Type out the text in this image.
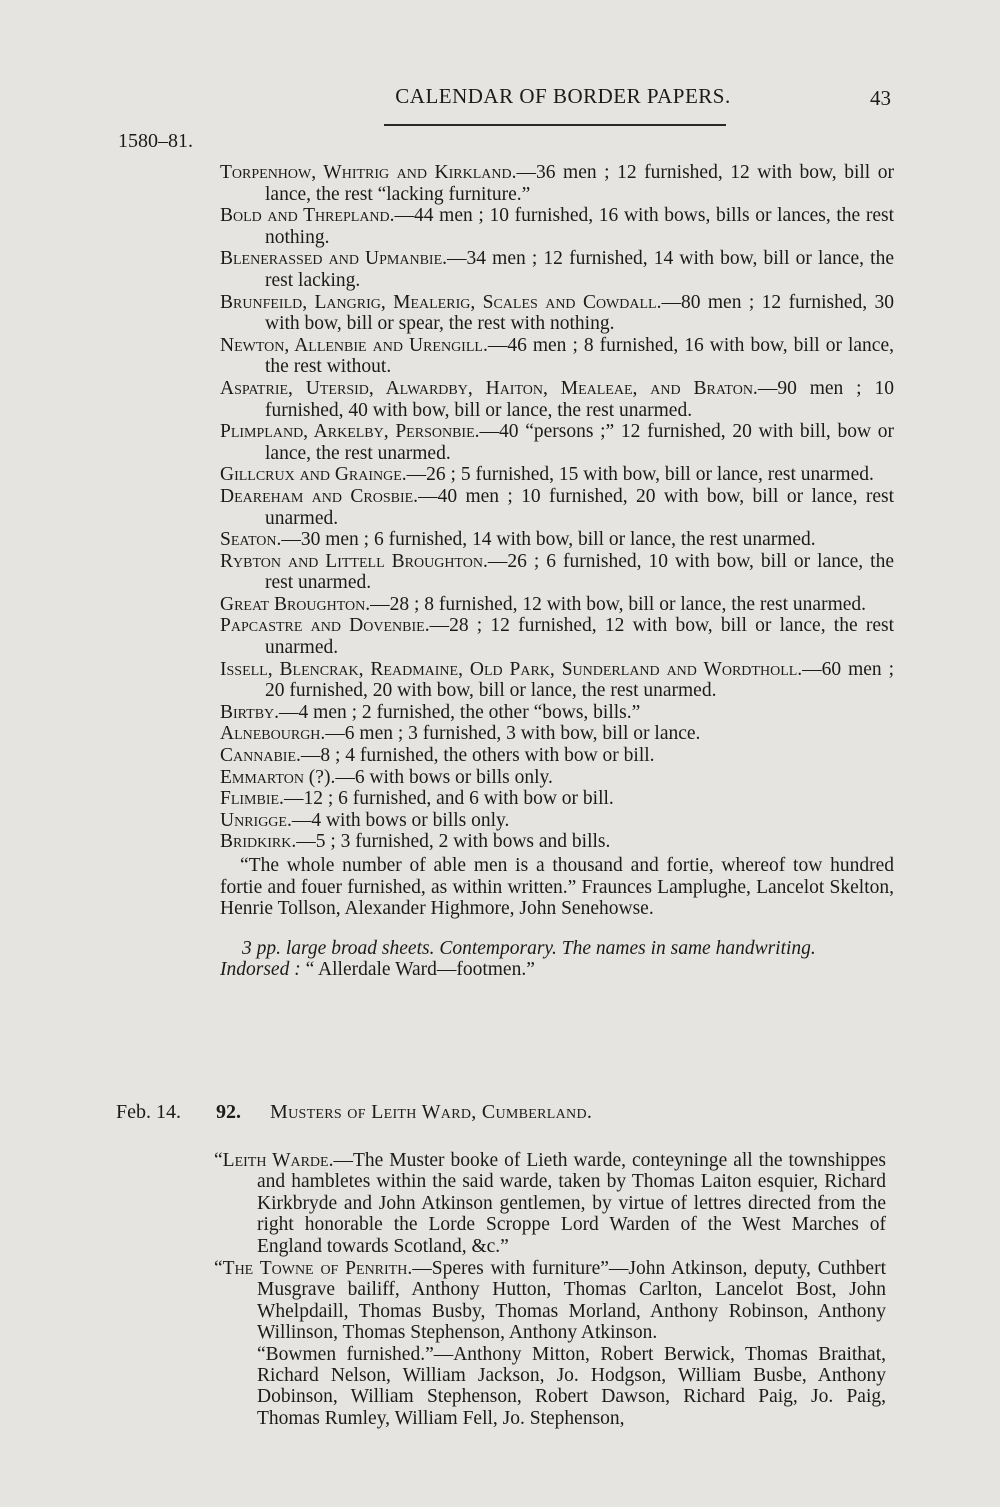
CALENDAR OF BORDER PAPERS.	43
1580–81.
Torpenhow, Whitrig and Kirkland.—36 men ; 12 furnished, 12 with bow, bill or lance, the rest “lacking furniture.”
Bold and Threpland.—44 men ; 10 furnished, 16 with bows, bills or lances, the rest nothing.
Blenerassed and Upmanbie.—34 men ; 12 furnished, 14 with bow, bill or lance, the rest lacking.
Brunfeild, Langrig, Mealerig, Scales and Cowdall.—80 men ; 12 furnished, 30 with bow, bill or spear, the rest with nothing.
Newton, Allenbie and Urengill.—46 men ; 8 furnished, 16 with bow, bill or lance, the rest without.
Aspatrie, Utersid, Alwardby, Haiton, Mealeae, and Braton.—90 men ; 10 furnished, 40 with bow, bill or lance, the rest unarmed.
Plimpland, Arkelby, Personbie.—40 “persons ;” 12 furnished, 20 with bill, bow or lance, the rest unarmed.
Gillcrux and Grainge.—26 ; 5 furnished, 15 with bow, bill or lance, rest unarmed.
Deareham and Crosbie.—40 men ; 10 furnished, 20 with bow, bill or lance, rest unarmed.
Seaton.—30 men ; 6 furnished, 14 with bow, bill or lance, the rest unarmed.
Rybton and Littell Broughton.—26 ; 6 furnished, 10 with bow, bill or lance, the rest unarmed.
Great Broughton.—28 ; 8 furnished, 12 with bow, bill or lance, the rest unarmed.
Papcastre and Dovenbie.—28 ; 12 furnished, 12 with bow, bill or lance, the rest unarmed.
Issell, Blencrak, Readmaine, Old Park, Sunderland and Wordtholl.—60 men ; 20 furnished, 20 with bow, bill or lance, the rest unarmed.
Birtby.—4 men ; 2 furnished, the other “bows, bills.”
Alnebourgh.—6 men ; 3 furnished, 3 with bow, bill or lance.
Cannabie.—8 ; 4 furnished, the others with bow or bill.
Emmarton (?).—6 with bows or bills only.
Flimbie.—12 ; 6 furnished, and 6 with bow or bill.
Unrigge.—4 with bows or bills only.
Bridkirk.—5 ; 3 furnished, 2 with bows and bills.
“The whole number of able men is a thousand and fortie, whereof tow hundred fortie and fouer furnished, as within written.” Fraunces Lamplughe, Lancelot Skelton, Henrie Tollson, Alexander Highmore, John Senehowse.
3 pp. large broad sheets. Contemporary. The names in same handwriting.
Indorsed : “ Allerdale Ward—footmen.”
Feb. 14. 92. Musters of Leith Ward, Cumberland.
“Leith Warde.—The Muster booke of Lieth warde, conteyninge all the townshippes and hambletes within the said warde, taken by Thomas Laiton esquier, Richard Kirkbryde and John Atkinson gentlemen, by virtue of lettres directed from the right honorable the Lorde Scroppe Lord Warden of the West Marches of England towards Scotland, &c.”
“The Towne of Penrith.—Speres with furniture”—John Atkinson, deputy, Cuthbert Musgrave bailiff, Anthony Hutton, Thomas Carlton, Lancelot Bost, John Whelpdaill, Thomas Busby, Thomas Morland, Anthony Robinson, Anthony Willinson, Thomas Stephenson, Anthony Atkinson.
“Bowmen furnished.”—Anthony Mitton, Robert Berwick, Thomas Braithat, Richard Nelson, William Jackson, Jo. Hodgson, William Busbe, Anthony Dobinson, William Stephenson, Robert Dawson, Richard Paig, Jo. Paig, Thomas Rumley, William Fell, Jo. Stephenson,
